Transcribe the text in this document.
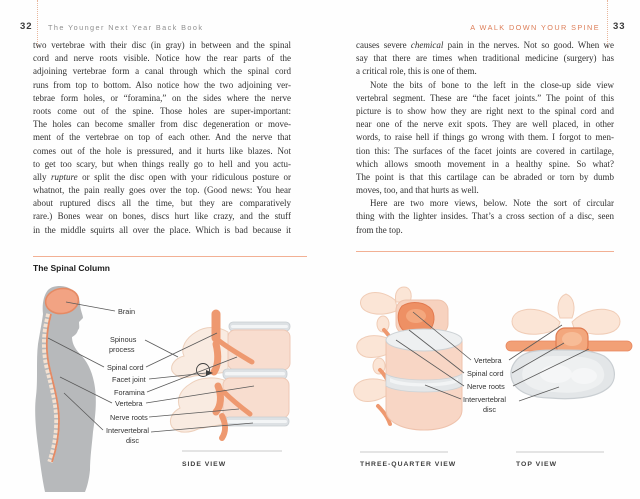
32 The Younger Next Year Back Book
two vertebrae with their disc (in gray) in between and the spinal
cord and nerve roots visible. Notice how the rear parts of the
adjoining vertebrae form a canal through which the spinal cord
runs from top to bottom. Also notice how the two adjoining ver-
tebrae form holes, or “foramina,” on the sides where the nerve
roots come out of the spine. Those holes are super-important:
The holes can become smaller from disc degeneration or move-
ment of the vertebrae on top of each other. And the nerve that
comes out of the hole is pressured, and it hurts like blazes. Not
to get too scary, but when things really go to hell and you actu-
ally rupture or split the disc open with your ridiculous posture or
whatnot, the pain really goes over the top. (Good news: You hear
about ruptured discs all the time, but they are comparatively
rare.) Bones wear on bones, discs hurt like crazy, and the stuff
in the middle squirts all over the place. Which is bad because it
The Spinal Column
Brain
Spinous
process
Spinal cord
Facet joint
Foramina
Vertebra
Nerve roots
Intervertebral
disc
SIDE VIEW
A WALK DOWN YOUR SPINE 33
causes severe chemical pain in the nerves. Not so good. When we
say that there are times when traditional medicine (surgery) has
a critical role, this is one of them.
Note the bits of bone to the left in the close-up side view
vertebral segment. These are “the facet joints.” The point of this
picture is to show how they are right next to the spinal cord and
near one of the nerve exit spots. They are well placed, in other
words, to raise hell if things go wrong with them. I forgot to men-
tion this: The surfaces of the facet joints are covered in cartilage,
which allows smooth movement in a healthy spine. So what?
The point is that this cartilage can be abraded or torn by dumb
moves, too, and that hurts as well.
Here are two more views, below. Note the sort of circular
thing with the lighter insides. That’s a cross section of a disc, seen
from the top.
Vertebra
Spinal cord
Nerve roots
Intervertebral
disc
THREE-QUARTER VIEW	TOP VIEW
